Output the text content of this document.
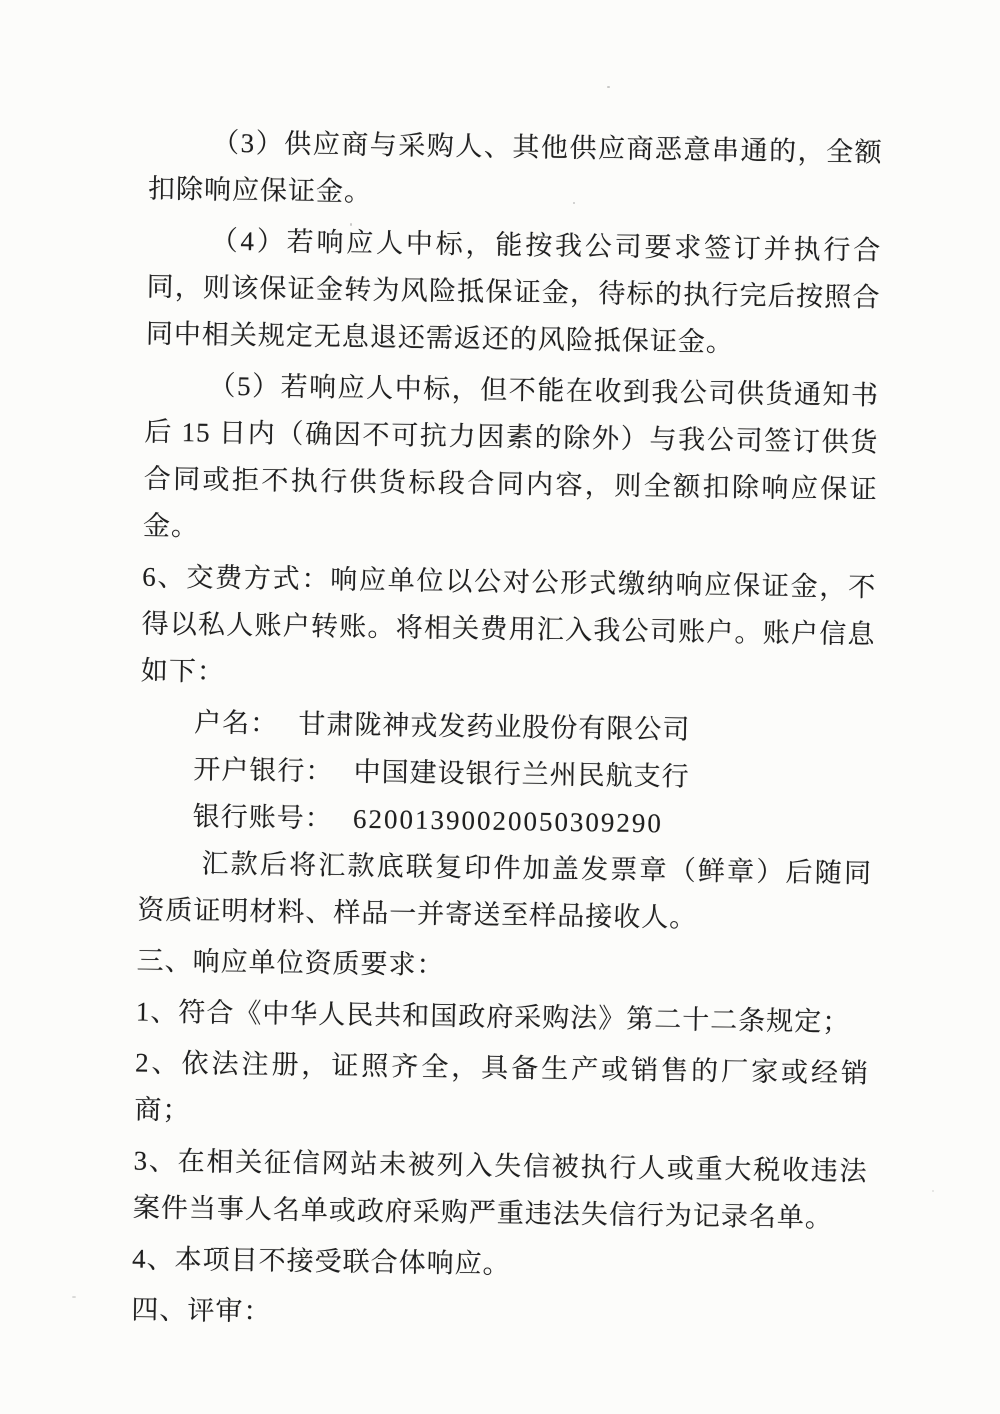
（3）供应商与采购人、其他供应商恶意串通的，全额扣除响应保证金。

（4）若响应人中标，能按我公司要求签订并执行合同，则该保证金转为风险抵保证金，待标的执行完后按照合同中相关规定无息退还需返还的风险抵保证金。

（5）若响应人中标，但不能在收到我公司供货通知书后 15 日内（确因不可抗力因素的除外）与我公司签订供货合同或拒不执行供货标段合同内容，则全额扣除响应保证金。

6、交费方式：响应单位以公对公形式缴纳响应保证金，不得以私人账户转账。将相关费用汇入我公司账户。账户信息如下：

户名： 甘肃陇神戎发药业股份有限公司

开户银行： 中国建设银行兰州民航支行

银行账号： 62001390020050309290

汇款后将汇款底联复印件加盖发票章（鲜章）后随同资质证明材料、样品一并寄送至样品接收人。

三、响应单位资质要求：

1、符合《中华人民共和国政府采购法》第二十二条规定；

2、依法注册，证照齐全，具备生产或销售的厂家或经销商；

3、在相关征信网站未被列入失信被执行人或重大税收违法案件当事人名单或政府采购严重违法失信行为记录名单。

4、本项目不接受联合体响应。

四、评审：
